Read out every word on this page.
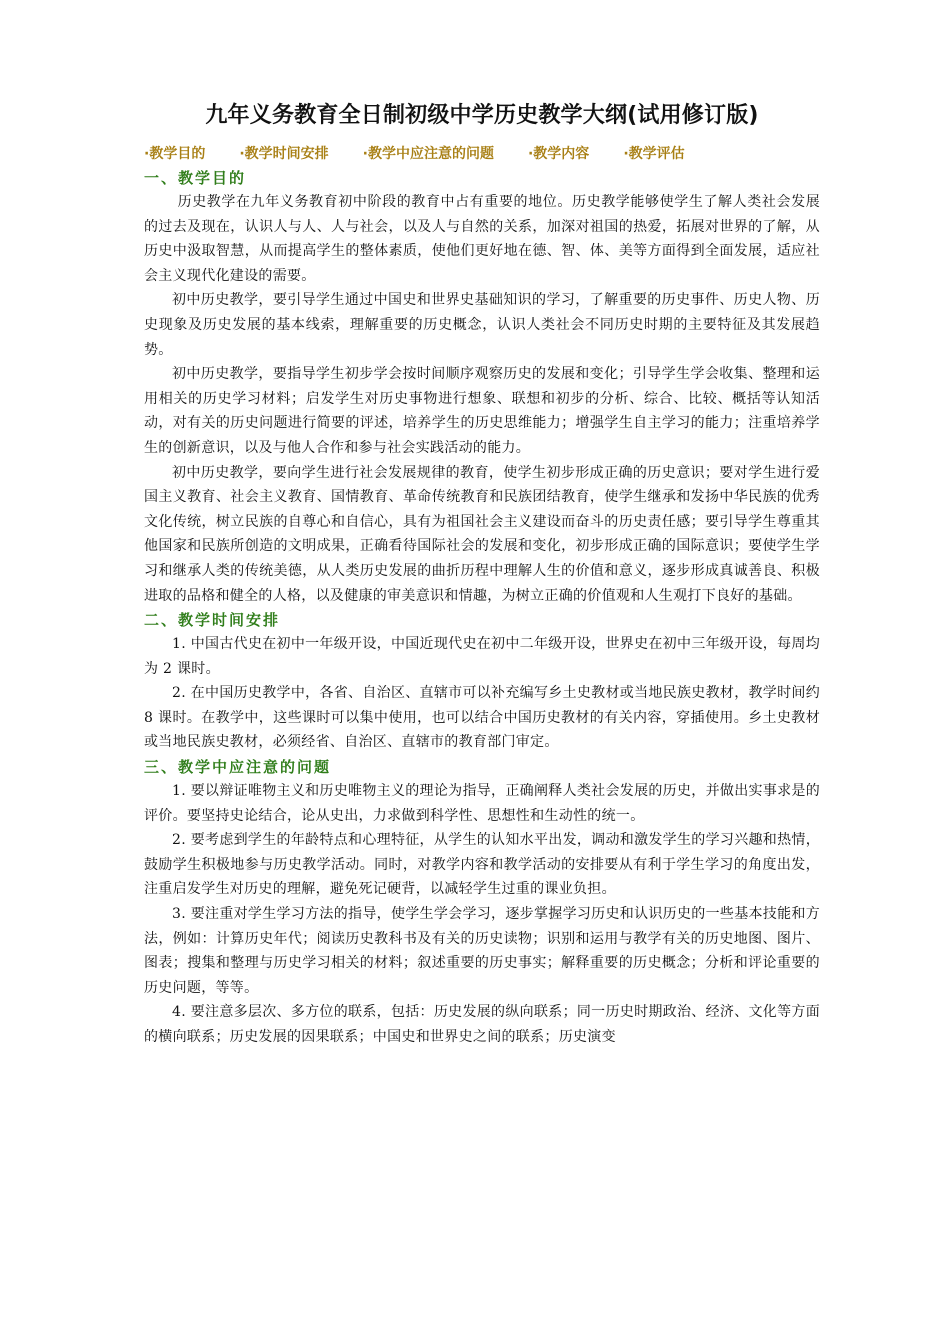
九年义务教育全日制初级中学历史教学大纲(试用修订版)
·教学目的 ·教学时间安排 ·教学中应注意的问题 ·教学内容 ·教学评估
一、教学目的

历史教学在九年义务教育初中阶段的教育中占有重要的地位。历史教学能够使学生了解人类社会发展的过去及现在，认识人与人、人与社会，以及人与自然的关系，加深对祖国的热爱，拓展对世界的了解，从历史中汲取智慧，从而提高学生的整体素质，使他们更好地在德、智、体、美等方面得到全面发展，适应社会主义现代化建设的需要。

初中历史教学，要引导学生通过中国史和世界史基础知识的学习，了解重要的历史事件、历史人物、历史现象及历史发展的基本线索，理解重要的历史概念，认识人类社会不同历史时期的主要特征及其发展趋势。

初中历史教学，要指导学生初步学会按时间顺序观察历史的发展和变化；引导学生学会收集、整理和运用相关的历史学习材料；启发学生对历史事物进行想象、联想和初步的分析、综合、比较、概括等认知活动，对有关的历史问题进行简要的评述，培养学生的历史思维能力；增强学生自主学习的能力；注重培养学生的创新意识，以及与他人合作和参与社会实践活动的能力。

初中历史教学，要向学生进行社会发展规律的教育，使学生初步形成正确的历史意识；要对学生进行爱国主义教育、社会主义教育、国情教育、革命传统教育和民族团结教育，使学生继承和发扬中华民族的优秀文化传统，树立民族的自尊心和自信心，具有为祖国社会主义建设而奋斗的历史责任感；要引导学生尊重其他国家和民族所创造的文明成果，正确看待国际社会的发展和变化，初步形成正确的国际意识；要使学生学习和继承人类的传统美德，从人类历史发展的曲折历程中理解人生的价值和意义，逐步形成真诚善良、积极进取的品格和健全的人格，以及健康的审美意识和情趣，为树立正确的价值观和人生观打下良好的基础。

二、教学时间安排

1. 中国古代史在初中一年级开设，中国近现代史在初中二年级开设，世界史在初中三年级开设，每周均为 2 课时。

2. 在中国历史教学中，各省、自治区、直辖市可以补充编写乡土史教材或当地民族史教材，教学时间约 8 课时。在教学中，这些课时可以集中使用，也可以结合中国历史教材的有关内容，穿插使用。乡土史教材或当地民族史教材，必须经省、自治区、直辖市的教育部门审定。

三、教学中应注意的问题

1. 要以辩证唯物主义和历史唯物主义的理论为指导，正确阐释人类社会发展的历史，并做出实事求是的评价。要坚持史论结合，论从史出，力求做到科学性、思想性和生动性的统一。

2. 要考虑到学生的年龄特点和心理特征，从学生的认知水平出发，调动和激发学生的学习兴趣和热情，鼓励学生积极地参与历史教学活动。同时，对教学内容和教学活动的安排要从有利于学生学习的角度出发，注重启发学生对历史的理解，避免死记硬背，以减轻学生过重的课业负担。

3. 要注重对学生学习方法的指导，使学生学会学习，逐步掌握学习历史和认识历史的一些基本技能和方法，例如：计算历史年代；阅读历史教科书及有关的历史读物；识别和运用与教学有关的历史地图、图片、图表；搜集和整理与历史学习相关的材料；叙述重要的历史事实；解释重要的历史概念；分析和评论重要的历史问题，等等。

4. 要注意多层次、多方位的联系，包括：历史发展的纵向联系；同一历史时期政治、经济、文化等方面的横向联系；历史发展的因果联系；中国史和世界史之间的联系；历史演变
